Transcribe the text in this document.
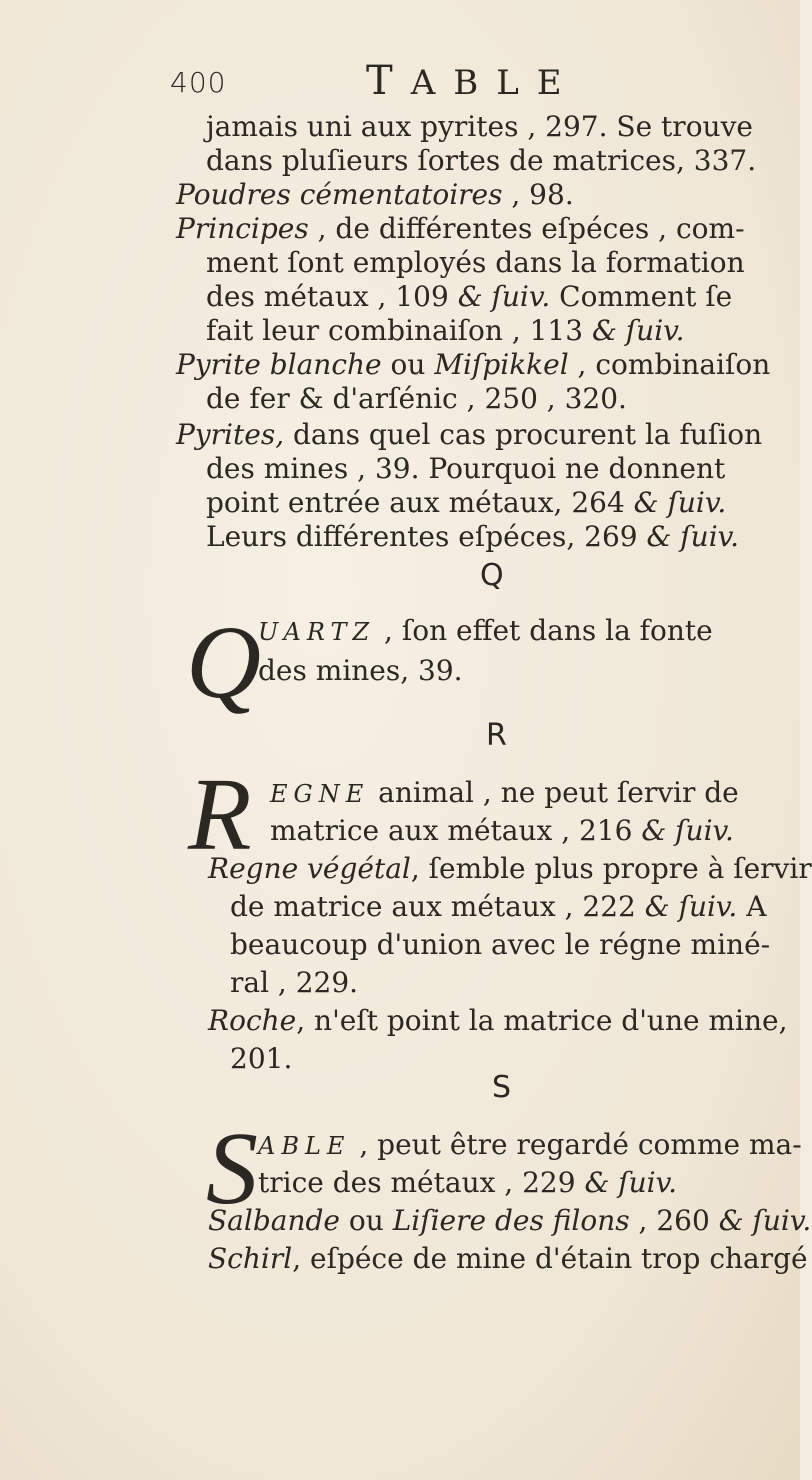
400	TABLE
jamais uni aux pyrites , 297. Se trouve
dans pluſieurs ſortes de matrices, 337.
Poudres cémentatoires , 98.
Principes , de différentes eſpéces , com-
ment ſont employés dans la formation
des métaux , 109 & ſuiv. Comment ſe
fait leur combinaiſon , 113 & ſuiv.
Pyrite blanche ou Miſpikkel , combinaiſon
de fer & d'arſénic , 250 , 320.
Pyrites, dans quel cas procurent la fuſion
des mines , 39. Pourquoi ne donnent
point entrée aux métaux, 264 & ſuiv.
Leurs différentes eſpéces, 269 & ſuiv.
Q
Q
UARTZ , ſon effet dans la fonte
des mines, 39.
R
R EGNE animal , ne peut ſervir de
matrice aux métaux , 216 & ſuiv.
Regne végétal, ſemble plus propre à ſervir
de matrice aux métaux , 222 & ſuiv. A
beaucoup d'union avec le régne miné-
ral , 229.
Roche, n'eſt point la matrice d'une mine,
201.
S
S ABLE , peut être regardé comme ma-
trice des métaux , 229 & ſuiv.
Salbande ou Liſiere des filons , 260 & ſuiv.
Schirl, eſpéce de mine d'étain trop chargé
